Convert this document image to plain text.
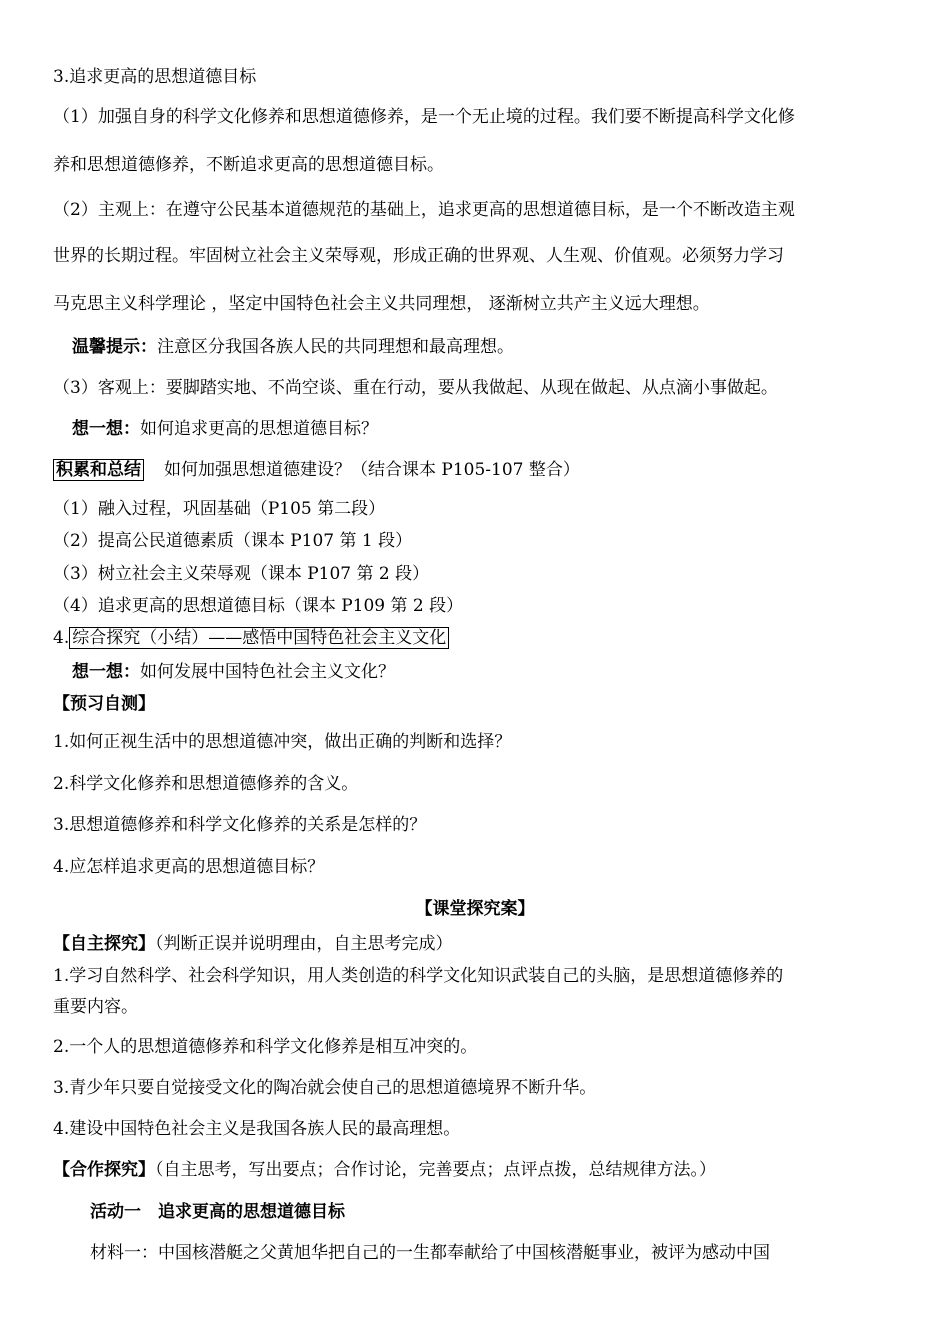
3.追求更高的思想道德目标
（1）加强自身的科学文化修养和思想道德修养，是一个无止境的过程。我们要不断提高科学文化修
养和思想道德修养，不断追求更高的思想道德目标。
（2）主观上：在遵守公民基本道德规范的基础上，追求更高的思想道德目标，是一个不断改造主观
世界的长期过程。牢固树立社会主义荣辱观，形成正确的世界观、人生观、价值观。必须努力学习
马克思主义科学理论 ，坚定中国特色社会主义共同理想， 逐渐树立共产主义远大理想。
温馨提示：注意区分我国各族人民的共同理想和最高理想。
（3）客观上：要脚踏实地、不尚空谈、重在行动，要从我做起、从现在做起、从点滴小事做起。
想一想：如何追求更高的思想道德目标？
积累和总结 如何加强思想道德建设？（结合课本 P105-107 整合）
（1）融入过程，巩固基础（P105 第二段）
（2）提高公民道德素质（课本 P107 第 1 段）
（3）树立社会主义荣辱观（课本 P107 第 2 段）
（4）追求更高的思想道德目标（课本 P109 第 2 段）
4. 综合探究（小结）——感悟中国特色社会主义文化
想一想：如何发展中国特色社会主义文化？
【预习自测】
1.如何正视生活中的思想道德冲突，做出正确的判断和选择？
2.科学文化修养和思想道德修养的含义。
3.思想道德修养和科学文化修养的关系是怎样的？
4.应怎样追求更高的思想道德目标？
【课堂探究案】
【自主探究】（判断正误并说明理由，自主思考完成）
1.学习自然科学、社会科学知识，用人类创造的科学文化知识武装自己的头脑，是思想道德修养的
重要内容。
2.一个人的思想道德修养和科学文化修养是相互冲突的。
3.青少年只要自觉接受文化的陶冶就会使自己的思想道德境界不断升华。
4.建设中国特色社会主义是我国各族人民的最高理想。
【合作探究】（自主思考，写出要点；合作讨论，完善要点；点评点拨，总结规律方法。）
活动一　追求更高的思想道德目标
材料一：中国核潜艇之父黄旭华把自己的一生都奉献给了中国核潜艇事业，被评为感动中国
